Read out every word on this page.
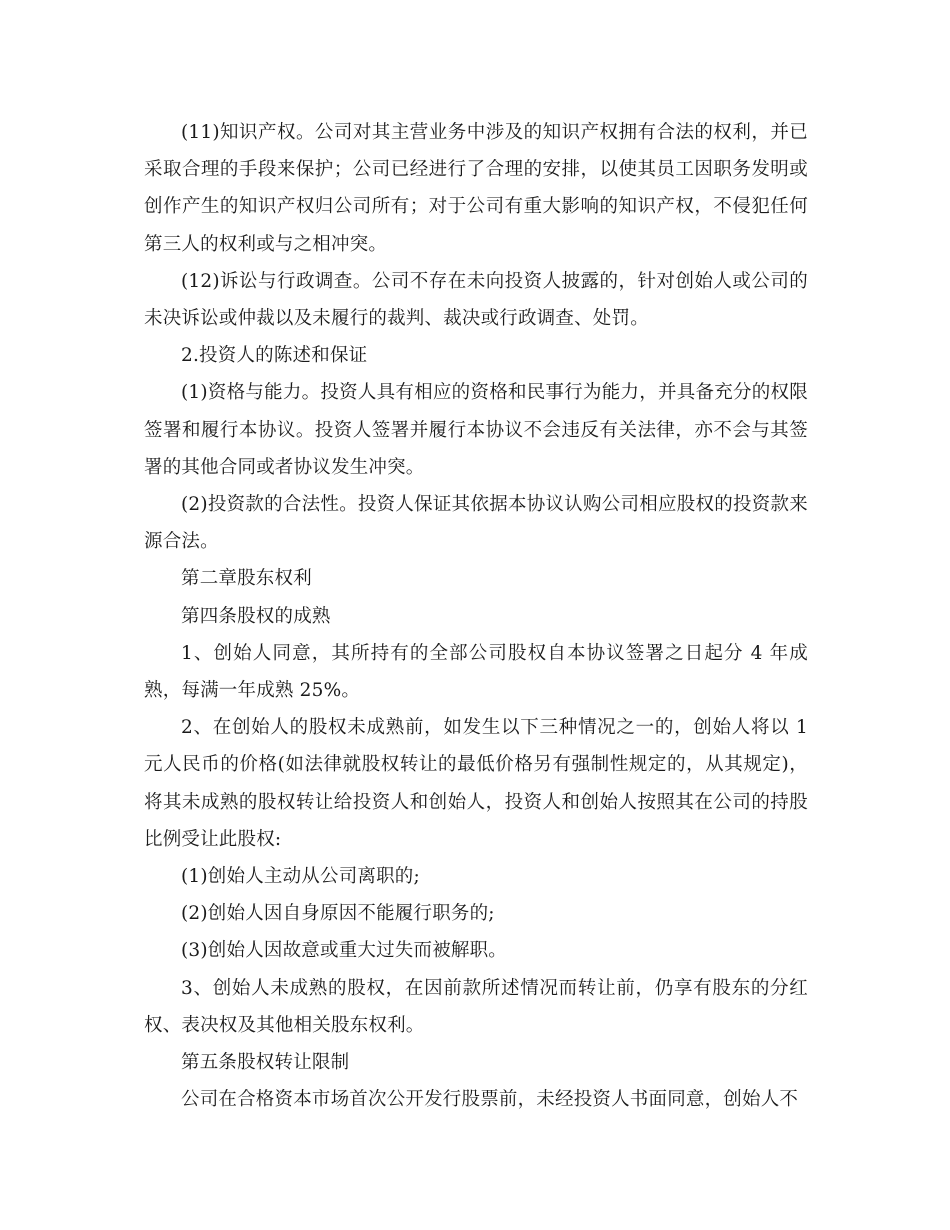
(11)知识产权。公司对其主营业务中涉及的知识产权拥有合法的权利，并已采取合理的手段来保护；公司已经进行了合理的安排，以使其员工因职务发明或创作产生的知识产权归公司所有；对于公司有重大影响的知识产权，不侵犯任何第三人的权利或与之相冲突。

(12)诉讼与行政调查。公司不存在未向投资人披露的，针对创始人或公司的未决诉讼或仲裁以及未履行的裁判、裁决或行政调查、处罚。

2.投资人的陈述和保证

(1)资格与能力。投资人具有相应的资格和民事行为能力，并具备充分的权限签署和履行本协议。投资人签署并履行本协议不会违反有关法律，亦不会与其签署的其他合同或者协议发生冲突。

(2)投资款的合法性。投资人保证其依据本协议认购公司相应股权的投资款来源合法。

第二章股东权利

第四条股权的成熟

1、创始人同意，其所持有的全部公司股权自本协议签署之日起分 4 年成熟，每满一年成熟 25%。

2、在创始人的股权未成熟前，如发生以下三种情况之一的，创始人将以 1 元人民币的价格(如法律就股权转让的最低价格另有强制性规定的，从其规定)，将其未成熟的股权转让给投资人和创始人，投资人和创始人按照其在公司的持股比例受让此股权:

(1)创始人主动从公司离职的;

(2)创始人因自身原因不能履行职务的;

(3)创始人因故意或重大过失而被解职。

3、创始人未成熟的股权，在因前款所述情况而转让前，仍享有股东的分红权、表决权及其他相关股东权利。

第五条股权转让限制

公司在合格资本市场首次公开发行股票前，未经投资人书面同意，创始人不
